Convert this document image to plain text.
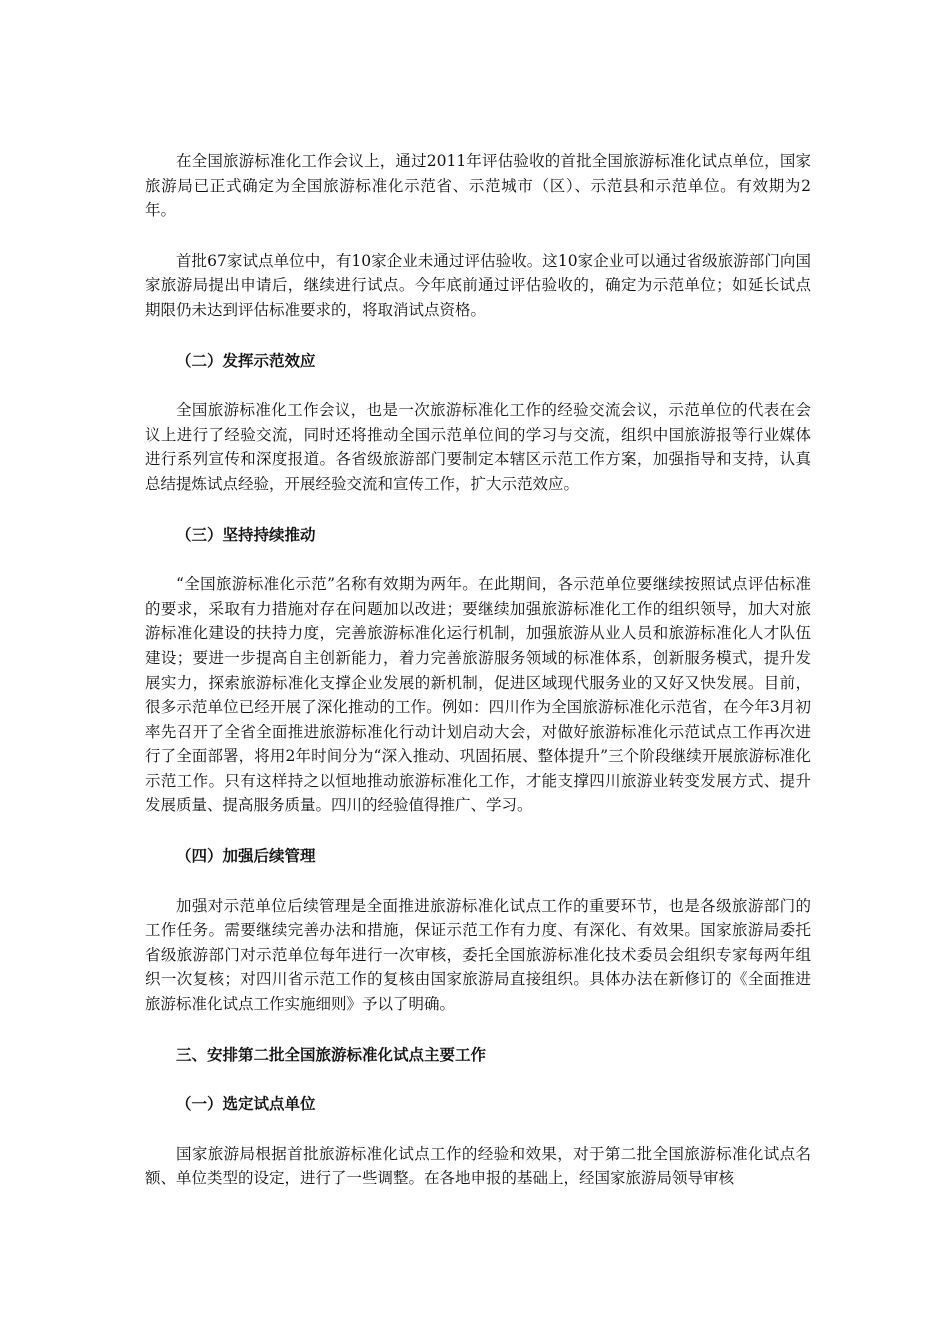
在全国旅游标准化工作会议上，通过2011年评估验收的首批全国旅游标准化试点单位，国家旅游局已正式确定为全国旅游标准化示范省、示范城市（区）、示范县和示范单位。有效期为2年。

首批67家试点单位中，有10家企业未通过评估验收。这10家企业可以通过省级旅游部门向国家旅游局提出申请后，继续进行试点。今年底前通过评估验收的，确定为示范单位；如延长试点期限仍未达到评估标准要求的，将取消试点资格。

（二）发挥示范效应

全国旅游标准化工作会议，也是一次旅游标准化工作的经验交流会议，示范单位的代表在会议上进行了经验交流，同时还将推动全国示范单位间的学习与交流，组织中国旅游报等行业媒体进行系列宣传和深度报道。各省级旅游部门要制定本辖区示范工作方案，加强指导和支持，认真总结提炼试点经验，开展经验交流和宣传工作，扩大示范效应。

（三）坚持持续推动

“全国旅游标准化示范”名称有效期为两年。在此期间，各示范单位要继续按照试点评估标准的要求，采取有力措施对存在问题加以改进；要继续加强旅游标准化工作的组织领导，加大对旅游标准化建设的扶持力度，完善旅游标准化运行机制，加强旅游从业人员和旅游标准化人才队伍建设；要进一步提高自主创新能力，着力完善旅游服务领域的标准体系，创新服务模式，提升发展实力，探索旅游标准化支撑企业发展的新机制，促进区域现代服务业的又好又快发展。目前，很多示范单位已经开展了深化推动的工作。例如：四川作为全国旅游标准化示范省，在今年3月初率先召开了全省全面推进旅游标准化行动计划启动大会，对做好旅游标准化示范试点工作再次进行了全面部署，将用2年时间分为“深入推动、巩固拓展、整体提升”三个阶段继续开展旅游标准化示范工作。只有这样持之以恒地推动旅游标准化工作，才能支撑四川旅游业转变发展方式、提升发展质量、提高服务质量。四川的经验值得推广、学习。

（四）加强后续管理

加强对示范单位后续管理是全面推进旅游标准化试点工作的重要环节，也是各级旅游部门的工作任务。需要继续完善办法和措施，保证示范工作有力度、有深化、有效果。国家旅游局委托省级旅游部门对示范单位每年进行一次审核，委托全国旅游标准化技术委员会组织专家每两年组织一次复核；对四川省示范工作的复核由国家旅游局直接组织。具体办法在新修订的《全面推进旅游标准化试点工作实施细则》予以了明确。

三、安排第二批全国旅游标准化试点主要工作

（一）选定试点单位

国家旅游局根据首批旅游标准化试点工作的经验和效果，对于第二批全国旅游标准化试点名额、单位类型的设定，进行了一些调整。在各地申报的基础上，经国家旅游局领导审核
